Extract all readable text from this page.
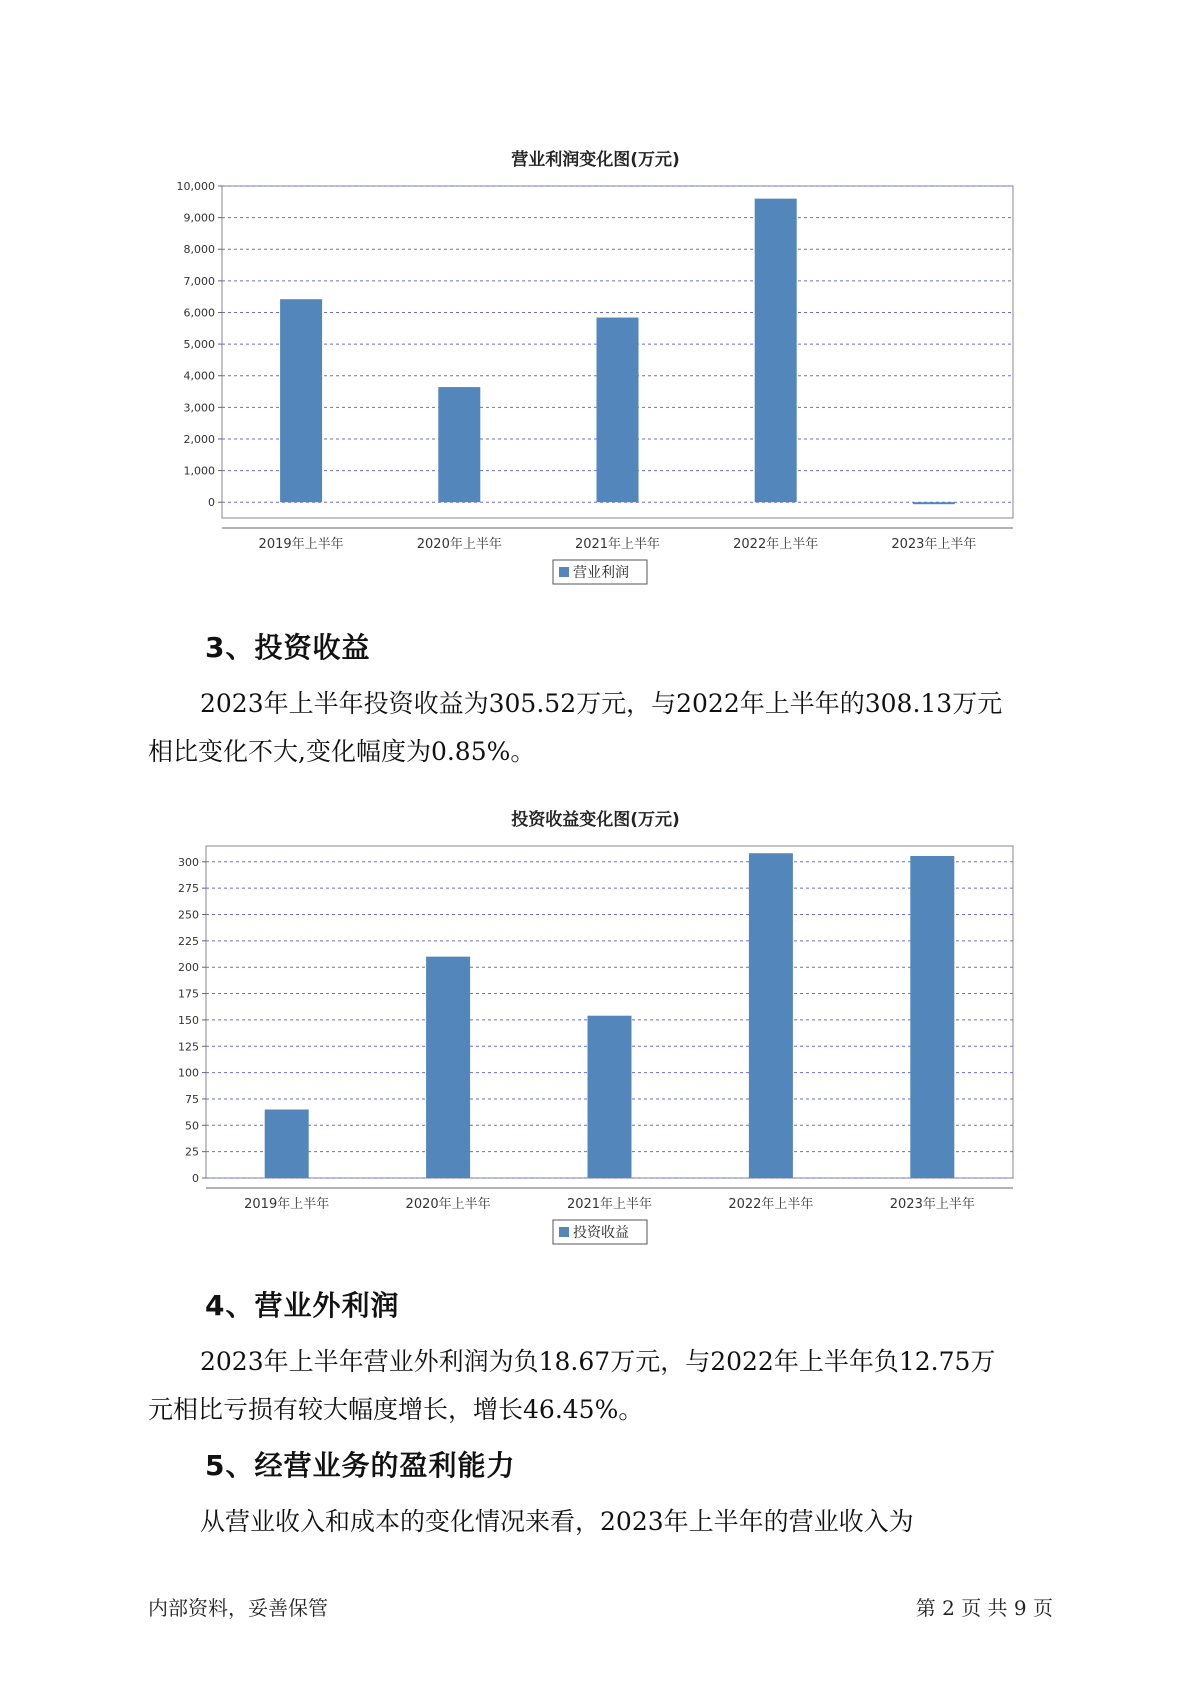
营业利润变化图(万元)
0
1,000
2,000
3,000
4,000
5,000
6,000
7,000
8,000
9,000
10,000
2019年上半年	2020年上半年	2021年上半年	2022年上半年	2023年上半年
营业利润
3、投资收益
2023年上半年投资收益为305.52万元，与2022年上半年的308.13万元
相比变化不大,变化幅度为0.85%。
投资收益变化图(万元)
0
25
50
75
100
125
150
175
200
225
250
275
300
2019年上半年	2020年上半年	2021年上半年	2022年上半年	2023年上半年
投资收益
4、营业外利润
2023年上半年营业外利润为负18.67万元，与2022年上半年负12.75万
元相比亏损有较大幅度增长，增长46.45%。
5、经营业务的盈利能力
从营业收入和成本的变化情况来看，2023年上半年的营业收入为
内部资料，妥善保管	第 2 页 共 9 页
